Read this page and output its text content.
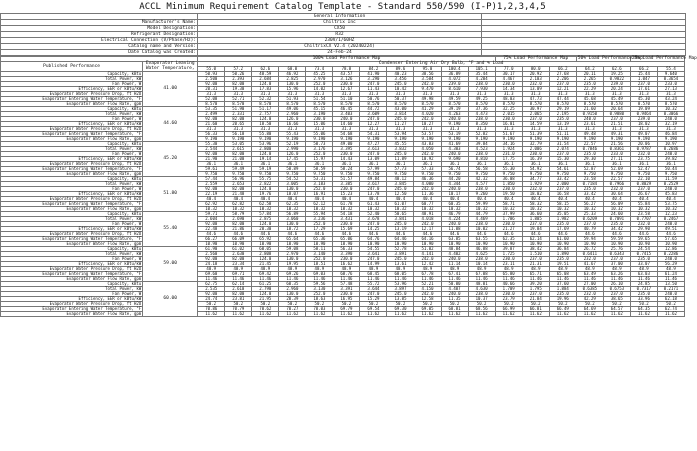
ACCL Minimum Requirement Catalog Template - Standard 550/590 (I-P)1,2,3,4,5
	General Information	
Manufacturer's Name:	Chiltrix Inc	
Model Designation:	CX50	
Refrigerant Designation:	R32	
Electrical Connection (V/Phase/Hz):	230V/1/60HZ	
Catalog name and Version:	ChiltrixCX V2.4 (20240224)	
Date Catalog was Created:	24-Feb-24	
		100% Load Performance Map											75% Load Performance Map			50% Load Performance Map		25% Load Performance Map	
Published Performance	Evaporator Leaving Water Temperature,	Condenser Entering Air Dry Bulb, °F and % Load																	
		55.0	57.2	62.6	68.0	73.4	78.8	84.2	89.6	95.0	100.4	105.1	77.0	80.0	66.2	64.2	62.6	66.2	55.4
Capacity, kBtu	41.00	50.93	50.26	48.59	46.92	45.25	43.57	41.90	40.23	38.56	36.89	35.44	30.17	20.92	27.68	20.11	19.25	15.44	9.640
Total Power, kW		2.500	2.393	2.684	2.825	2.970	3.126	3.290	3.456	3.584	4.072	4.204	4.467	2.103	2.206	2.265	0.9822	1.047	0.3654
Fan Power, W		92.00	82.00	124.0	130.0	252.0	230.0	247.0	245.0	242.0	239.0	238.0	230.0	232.0	237.0	235.0	239.0	237.0	233.0
Efficiency, EER or kBtu/kW		20.31	19.30	17.83	15.96	14.02	12.67	11.43	10.42	9.470	8.610	7.930	14.34	13.09	12.21	22.29	20.24	17.61	27.13
Evaporator Water Pressure Drop, ft H2O		31.3	31.3	31.3	31.3	31.3	31.3	31.3	31.3	31.3	31.3	31.3	31.3	31.3	31.3	31.3	31.3	31.3	31.3
Evaporator Entering Water Temperature, °F		52.08	52.71	52.32	51.93	51.54	51.10	50.76	50.37	49.98	49.59	49.25	48.03	47.73	47.44	45.68	45.49	45.30	43.24
Evaporator Water Flow Rate, gpm		8.570	8.570	8.570	8.570	8.570	8.570	8.570	8.570	8.570	8.570	8.570	8.570	8.570	8.570	8.570	8.570	8.570	8.570
Capacity, kBtu	44.60	53.35	51.90	51.17	49.06	45.15	46.45	44.72	43.00	41.29	39.19	37.36	32.25	30.97	29.19	21.60	20.64	19.09	10.32
Total Power, kW		2.499	2.331	2.757	2.960	3.190	3.403	3.609	3.814	4.020	4.263	4.473	2.015	2.065	2.195	0.9150	0.9880	0.9464	0.3066
Fan Power, W		92.00	82.00	124.0	126.0	230.0	240.0	247.0	245.0	242.0	240.0	238.0	230.0	237.0	235.0	240.0	237.0	239.0	240.0
Efficiency, EER or kBtu/kW		21.60	20.65	18.50	16.66	15.06	14.60	12.27	11.27	10.27	9.190	8.350	16.01	14.59	13.19	23.61	21.51	18.02	32.19
Evaporator Water Pressure Drop, ft H2O		31.3	31.3	31.3	31.3	31.3	31.3	31.3	31.3	31.3	31.3	31.3	31.3	31.3	31.3	31.3	31.3	31.3	31.3
Evaporator Entering Water Temperature, °F		56.33	56.18	55.80	55.43	55.06	54.68	54.31	53.94	53.57	53.19	52.82	51.67	51.39	51.11	49.48	49.31	49.07	46.84
Evaporator Water Flow Rate, gpm		9.190	9.190	9.190	9.190	9.190	9.190	9.190	9.190	9.190	9.190	9.190	9.190	9.190	9.190	9.190	9.190	9.190	9.190
Capacity, kBtu	45.20	55.30	53.05	53.96	52.19	50.73	49.00	47.27	45.55	43.83	41.69	39.84	34.16	32.79	31.54	22.57	21.56	20.06	10.97
Total Power, kW		2.544	2.615	2.800	2.990	3.176	3.395	3.613	3.832	4.050	4.303	4.523	1.924	2.006	2.074	0.7846	0.8361	0.9787	0.2686
Fan Power, W		92.00	82.00	124.0	126.0	252.0	230.0	247.0	245.0	242.0	240.0	238.0	231.0	230.0	237.0	235.0	233.0	232.0	240.0
Efficiency, EER or kBtu/kW		21.90	21.00	19.14	17.45	15.97	14.43	13.09	11.89	10.92	9.690	8.810	17.75	16.39	15.30	29.30	27.11	23.75	39.82
Evaporator Water Pressure Drop, ft H2O		36.1	36.1	36.1	36.1	36.1	36.1	36.1	36.1	36.1	36.1	36.1	36.1	36.1	36.1	36.1	36.1	36.1	36.1
Evaporator Entering Water Temperature, °F		59.61	59.49	59.19	58.89	58.59	58.24	57.99	57.73	57.33	56.74	56.58	55.30	54.92	54.61	52.87	52.69	52.47	50.44
Evaporator Water Flow Rate, gpm		9.750	9.750	9.750	9.750	9.750	9.750	9.750	9.750	9.750	9.750	9.750	9.750	9.750	9.750	9.750	9.750	9.750	9.750
Capacity, kBtu	51.80	57.44	56.96	55.75	54.52	53.31	51.57	49.84	48.12	46.36	44.20	42.32	36.08	34.77	33.42	23.58	22.57	22.10	11.59
Total Power, kW		2.559	2.653	2.822	3.005	3.183	3.385	3.617	3.845	4.000	4.344	4.577	1.850	1.929	2.000	0.7184	0.7966	0.8029	0.2529
Fan Power, W		92.00	82.00	124.0	130.0	252.0	230.0	247.0	245.0	242.0	240.0	238.0	230.0	232.0	237.0	235.0	232.0	237.0	240.0
Efficiency, EER or kBtu/kW		22.19	21.48	19.76	18.07	16.91	15.23	13.78	12.50	11.36	10.17	9.260	19.50	18.02	16.58	33.42	30.64	26.67	45.83
Evaporator Water Pressure Drop, ft H2O		40.4	40.4	40.4	40.4	40.4	40.4	40.4	40.4	40.4	40.4	40.4	40.4	40.4	40.4	40.4	40.4	40.4	40.4
Evaporator Entering Water Temperature, °F		62.92	62.82	62.58	62.35	62.12	61.78	61.43	61.07	60.77	60.35	59.99	58.71	58.32	58.15	56.27	56.09	55.84	53.75
Evaporator Water Flow Rate, gpm		10.32	10.32	10.32	10.32	10.32	10.32	10.32	10.32	10.32	10.32	10.32	10.32	10.32	10.32	10.32	10.32	10.32	10.32
Capacity, kBtu	55.40	59.71	58.79	57.84	56.89	55.94	54.18	52.40	50.65	48.91	46.79	44.79	37.99	36.60	35.05	25.33	24.60	23.58	12.23
Total Power, kW		2.604	2.690	2.875	3.060	3.236	3.431	3.678	3.841	4.018	4.224	4.469	1.786	1.805	1.982	0.6209	0.7091	0.7707	0.2467
Fan Power, W		92.00	82.00	124.0	130.0	252.0	230.0	247.0	245.0	242.0	240.0	238.0	230.0	237.0	235.0	237.0	235.0	232.0	240.0
Efficiency, EER or kBtu/kW		22.48	21.86	20.30	18.72	17.29	15.69	14.25	13.19	12.17	11.08	10.02	21.27	19.84	17.69	40.79	34.42	29.90	49.51
Evaporator Water Pressure Drop, ft H2O		44.6	44.6	44.6	44.6	44.6	44.6	44.6	44.6	44.6	44.6	44.6	44.6	44.6	44.6	44.6	44.6	44.6	44.6
Evaporator Entering Water Temperature, °F		66.27	66.09	65.92	65.64	65.36	65.06	64.76	64.46	64.16	63.85	63.55	62.35	62.14	61.60	59.94	59.59	59.65	57.65
Evaporator Water Flow Rate, gpm		10.90	10.90	10.90	10.90	10.90	10.90	10.90	10.90	10.90	10.90	10.90	10.90	10.90	10.90	10.90	10.90	10.90	10.90
Capacity, kBtu	59.00	61.90	61.02	60.05	59.08	58.11	56.33	54.55	52.78	51.02	48.84	46.88	39.87	38.42	36.84	26.72	25.76	24.54	12.86
Total Power, kW		2.560	2.630	2.808	2.970	3.140	3.390	3.641	3.891	4.141	4.402	4.625	1.725	1.510	1.890	0.6411	0.6343	0.7415	0.2286
Fan Power, W		92.00	82.00	124.0	130.0	252.0	230.0	247.0	245.0	242.0	240.0	238.0	230.0	237.0	235.0	232.0	237.0	235.0	240.0
Efficiency, EER or kBtu/kW		24.18	23.34	21.45	19.95	18.51	16.62	14.99	13.61	12.42	11.14	10.14	23.11	21.31	19.51	41.67	37.00	33.07	56.29
Evaporator Water Pressure Drop, ft H2O		48.9	48.9	48.9	48.9	48.9	48.9	48.9	48.9	48.9	48.9	48.9	48.9	48.9	48.9	48.9	48.9	48.9	48.9
Evaporator Entering Water Temperature, °F		69.60	69.71	69.42	69.26	69.03	68.76	68.45	68.05	67.78	67.41	67.08	65.80	65.71	65.08	63.49	63.26	63.03	61.24
Evaporator Water Flow Rate, gpm		11.46	11.46	11.46	11.46	11.46	11.46	11.46	11.46	11.46	11.46	11.46	11.46	11.46	11.46	11.46	11.46	11.46	11.46
Capacity, kBtu	60.00	62.75	62.14	61.25	60.35	59.56	57.48	55.72	53.96	52.21	50.00	48.01	40.66	39.20	37.60	27.00	26.10	24.85	13.50
Total Power, kW		2.535	2.610	2.790	2.960	3.130	3.391	3.644	3.897	4.150	4.407	4.630	1.709	1.795	1.884	0.6385	0.6753	0.7317	0.2171
Fan Power, W		92.00	82.00	124.0	130.0	252.0	230.0	247.0	245.0	242.0	240.0	238.0	230.0	237.0	235.0	232.0	237.0	235.0	240.0
Efficiency, EER or kBtu/kW		24.74	23.81	21.95	20.39	18.63	16.95	15.29	13.85	12.58	11.35	10.37	23.79	21.84	19.96	42.29	38.65	33.96	62.18
Evaporator Water Pressure Drop, ft H2O		50.2	50.2	50.2	50.2	50.2	50.2	50.2	50.2	50.2	50.2	50.2	50.2	50.2	50.2	50.2	50.2	50.2	50.2
Evaporator Entering Water Temperature, °F		70.86	70.79	70.62	70.27	70.03	69.79	69.54	69.30	69.05	68.81	68.56	66.99	66.81	66.49	64.69	64.57	64.35	62.74
Evaporator Water Flow Rate, gpm		11.62	11.62	11.62	11.62	11.62	11.62	11.62	11.62	11.62	11.62	11.62	11.62	11.62	11.62	11.62	11.62	11.62	11.62
